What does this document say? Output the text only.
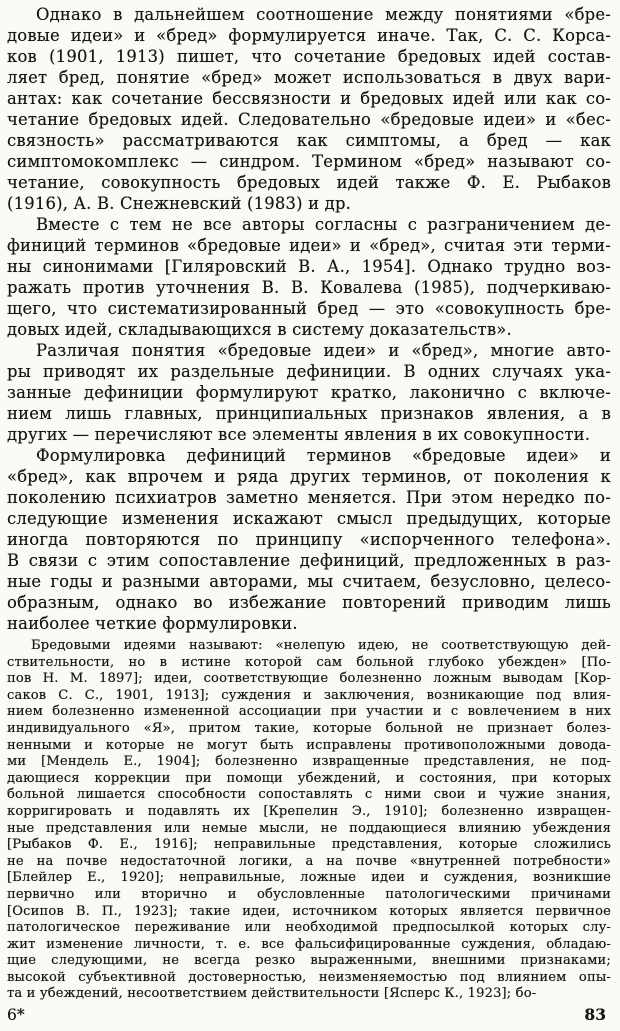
Однако в дальнейшем соотношение между понятиями «бре-
довые идеи» и «бред» формулируется иначе. Так, С. С. Корса-
ков (1901, 1913) пишет, что сочетание бредовых идей состав-
ляет бред, понятие «бред» может использоваться в двух вари-
антах: как сочетание бессвязности и бредовых идей или как со-
четание бредовых идей. Следовательно «бредовые идеи» и «бес-
связность» рассматриваются как симптомы, а бред — как
симптомокомплекс — синдром. Термином «бред» называют со-
четание, совокупность бредовых идей также Ф. Е. Рыбаков
(1916), А. В. Снежневский (1983) и др.
Вместе с тем не все авторы согласны с разграничением де-
финиций терминов «бредовые идеи» и «бред», считая эти терми-
ны синонимами [Гиляровский В. А., 1954]. Однако трудно воз-
ражать против уточнения В. В. Ковалева (1985), подчеркиваю-
щего, что систематизированный бред — это «совокупность бре-
довых идей, складывающихся в систему доказательств».
Различая понятия «бредовые идеи» и «бред», многие авто-
ры приводят их раздельные дефиниции. В одних случаях ука-
занные дефиниции формулируют кратко, лаконично с включе-
нием лишь главных, принципиальных признаков явления, а в
других — перечисляют все элементы явления в их совокупности.
Формулировка дефиниций терминов «бредовые идеи» и
«бред», как впрочем и ряда других терминов, от поколения к
поколению психиатров заметно меняется. При этом нередко по-
следующие изменения искажают смысл предыдущих, которые
иногда повторяются по принципу «испорченного телефона».
В связи с этим сопоставление дефиниций, предложенных в раз-
ные годы и разными авторами, мы считаем, безусловно, целесо-
образным, однако во избежание повторений приводим лишь
наиболее четкие формулировки.
Бредовыми идеями называют: «нелепую идею, не соответствующую дей-
ствительности, но в истине которой сам больной глубоко убежден» [По-
пов Н. М. 1897]; идеи, соответствующие болезненно ложным выводам [Кор-
саков С. С., 1901, 1913]; суждения и заключения, возникающие под влия-
нием болезненно измененной ассоциации при участии и с вовлечением в них
индивидуального «Я», притом такие, которые больной не признает болез-
ненными и которые не могут быть исправлены противоположными довода-
ми [Мендель Е., 1904]; болезненно извращенные представления, не под-
дающиеся коррекции при помощи убеждений, и состояния, при которых
больной лишается способности сопоставлять с ними свои и чужие знания,
корригировать и подавлять их [Крепелин Э., 1910]; болезненно извращен-
ные представления или немые мысли, не поддающиеся влиянию убеждения
[Рыбаков Ф. Е., 1916]; неправильные представления, которые сложились
не на почве недостаточной логики, а на почве «внутренней потребности»
[Блейлер Е., 1920]; неправильные, ложные идеи и суждения, возникшие
первично или вторично и обусловленные патологическими причинами
[Осипов В. П., 1923]; такие идеи, источником которых является первичное
патологическое переживание или необходимой предпосылкой которых слу-
жит изменение личности, т. е. все фальсифицированные суждения, обладаю-
щие следующими, не всегда резко выраженными, внешними признаками;
высокой субъективной достоверностью, неизменяемостью под влиянием опы-
та и убеждений, несоответствием действительности [Ясперс К., 1923]; бо-
6*	83
